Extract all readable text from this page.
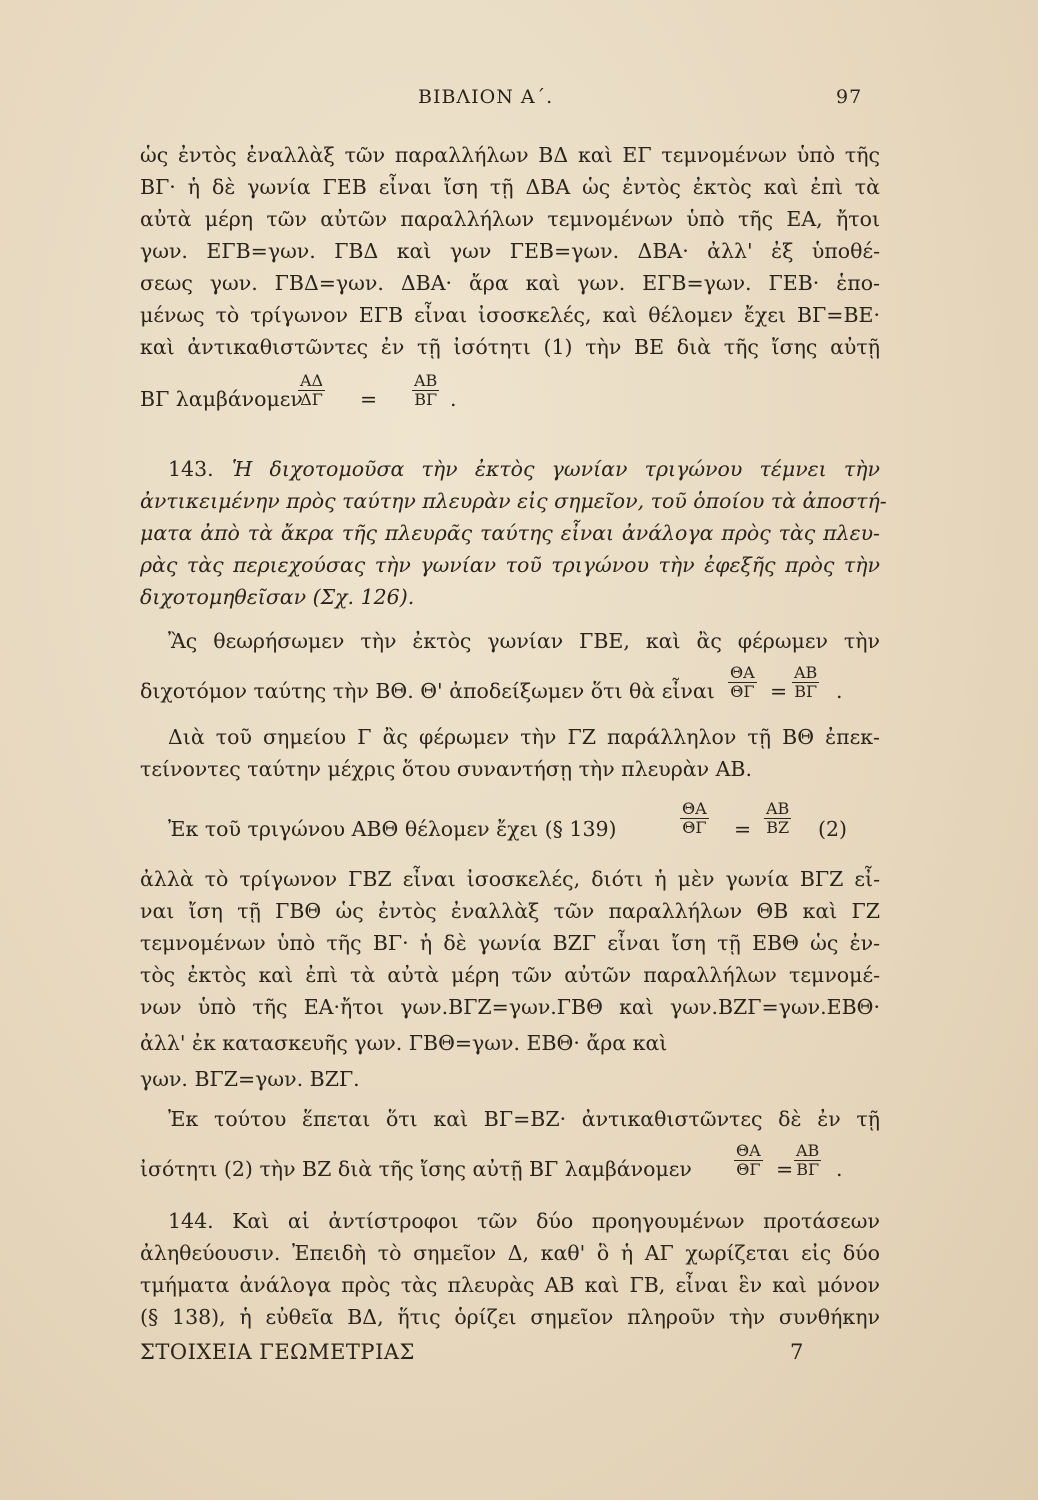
ΒΙΒΛΙΟΝ Α΄.	97
ὡς ἐντὸς ἐναλλὰξ τῶν παραλλήλων ΒΔ καὶ ΕΓ τεμνομένων ὑπὸ τῆς
ΒΓ· ἡ δὲ γωνία ΓΕΒ εἶναι ἴση τῇ ΔΒΑ ὡς ἐντὸς ἐκτὸς καὶ ἐπὶ τὰ
αὐτὰ μέρη τῶν αὐτῶν παραλλήλων τεμνομένων ὑπὸ τῆς ΕΑ, ἤτοι
γων. ΕΓΒ=γων. ΓΒΔ καὶ γων ΓΕΒ=γων. ΔΒΑ· ἀλλ' ἐξ ὑποθέ-
σεως γων. ΓΒΔ=γων. ΔΒΑ· ἄρα καὶ γων. ΕΓΒ=γων. ΓΕΒ· ἑπο-
μένως τὸ τρίγωνον ΕΓΒ εἶναι ἰσοσκελές, καὶ θέλομεν ἔχει ΒΓ=ΒΕ·
καὶ ἀντικαθιστῶντες ἐν τῇ ἰσότητι (1) τὴν ΒΕ διὰ τῆς ἴσης αὐτῇ
ΒΓ λαμβάνομεν
$\frac{A\Delta}{\Delta\Gamma} = \frac{AB}{B\Gamma}$ .
143. Ἡ διχοτομοῦσα τὴν ἐκτὸς γωνίαν τριγώνου τέμνει τὴν
ἀντικειμένην πρὸς ταύτην πλευρὰν εἰς σημεῖον, τοῦ ὁποίου τὰ ἀποστή-
ματα ἀπὸ τὰ ἄκρα τῆς πλευρᾶς ταύτης εἶναι ἀνάλογα πρὸς τὰς πλευ-
ρὰς τὰς περιεχούσας τὴν γωνίαν τοῦ τριγώνου τὴν ἐφεξῆς πρὸς τὴν
διχοτομηθεῖσαν (Σχ. 126).
Ἂς θεωρήσωμεν τὴν ἐκτὸς γωνίαν ΓΒΕ, καὶ ἂς φέρωμεν τὴν
διχοτόμον ταύτης τὴν ΒΘ. Θ' ἀποδείξωμεν ὅτι θὰ εἶναι $\frac{\Theta A}{\Theta\Gamma} = \frac{AB}{B\Gamma}$ .
Διὰ τοῦ σημείου Γ ἂς φέρωμεν τὴν ΓΖ παράλληλον τῇ ΒΘ ἐπεκ-
τείνοντες ταύτην μέχρις ὅτου συναντήσῃ τὴν πλευρὰν ΑΒ.
Ἐκ τοῦ τριγώνου ΑΒΘ θέλομεν ἔχει (§ 139)	$\frac{\Theta A}{\Theta\Gamma} = \frac{AB}{BZ} (2)$
ἀλλὰ τὸ τρίγωνον ΓΒΖ εἶναι ἰσοσκελές, διότι ἡ μὲν γωνία ΒΓΖ εἶ-
ναι ἴση τῇ ΓΒΘ ὡς ἐντὸς ἐναλλὰξ τῶν παραλλήλων ΘΒ καὶ ΓΖ
τεμνομένων ὑπὸ τῆς ΒΓ· ἡ δὲ γωνία ΒΖΓ εἶναι ἴση τῇ ΕΒΘ ὡς ἐν-
τὸς ἐκτὸς καὶ ἐπὶ τὰ αὐτὰ μέρη τῶν αὐτῶν παραλλήλων τεμνομέ-
νων ὑπὸ τῆς ΕΑ·ἤτοι γων.ΒΓΖ=γων.ΓΒΘ καὶ γων.ΒΖΓ=γων.ΕΒΘ·
ἀλλ' ἐκ κατασκευῆς γων. ΓΒΘ=γων. ΕΒΘ· ἄρα καὶ
γων. ΒΓΖ=γων. ΒΖΓ.
Ἐκ τούτου ἕπεται ὅτι καὶ ΒΓ=ΒΖ· ἀντικαθιστῶντες δὲ ἐν τῇ
ἰσότητι (2) τὴν ΒΖ διὰ τῆς ἴσης αὐτῇ ΒΓ λαμβάνομεν	$\frac{\Theta A}{\Theta\Gamma} = \frac{AB}{B\Gamma}$ .
144. Καὶ αἱ ἀντίστροφοι τῶν δύο προηγουμένων προτάσεων
ἀληθεύουσιν. Ἐπειδὴ τὸ σημεῖον Δ, καθ' ὃ ἡ ΑΓ χωρίζεται εἰς δύο
τμήματα ἀνάλογα πρὸς τὰς πλευρὰς ΑΒ καὶ ΓΒ, εἶναι ἓν καὶ μόνον
(§ 138), ἡ εὐθεῖα ΒΔ, ἥτις ὁρίζει σημεῖον πληροῦν τὴν συνθήκην
ΣΤΟΙΧΕΙΑ ΓΕΩΜΕΤΡΙΑΣ	7
